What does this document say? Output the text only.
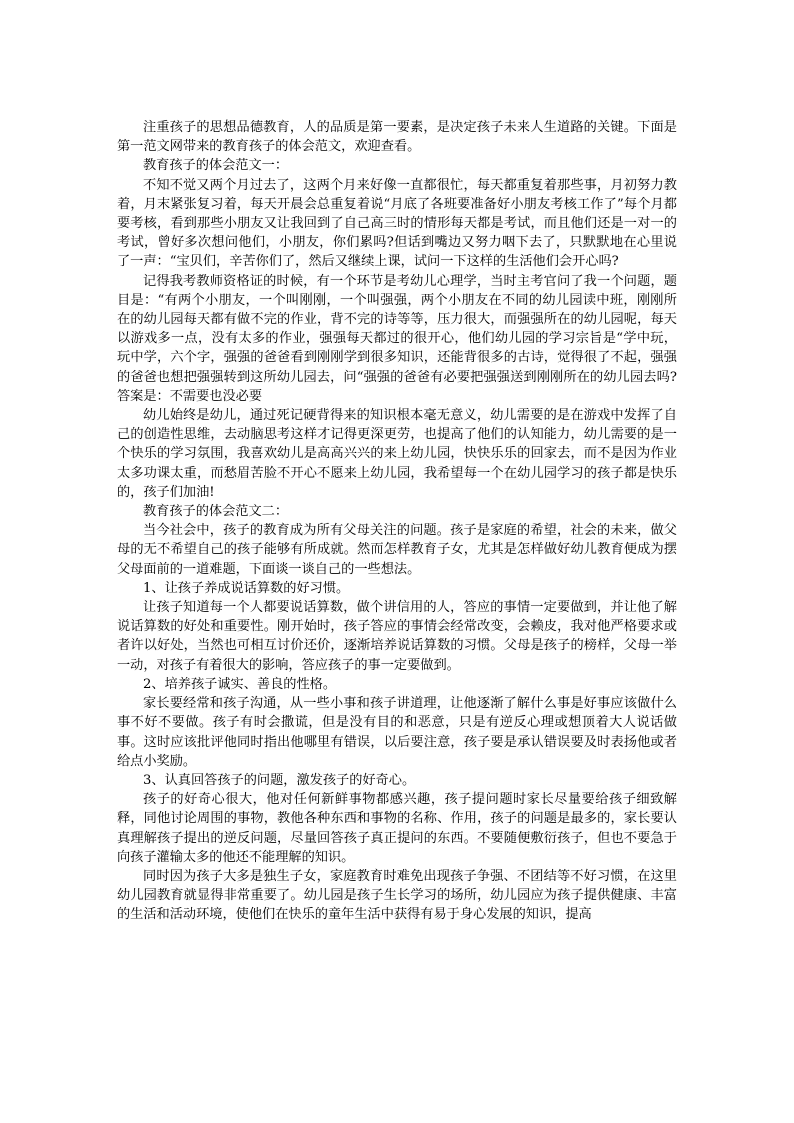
注重孩子的思想品德教育，人的品质是第一要素，是决定孩子未来人生道路的关键。下面是第一范文网带来的教育孩子的体会范文，欢迎查看。

教育孩子的体会范文一：

不知不觉又两个月过去了，这两个月来好像一直都很忙，每天都重复着那些事，月初努力教着，月末紧张复习着，每天开晨会总重复着说“月底了各班要准备好小朋友考核工作了”每个月都要考核，看到那些小朋友又让我回到了自己高三时的情形每天都是考试，而且他们还是一对一的考试，曾好多次想问他们，小朋友，你们累吗?但话到嘴边又努力咽下去了，只默默地在心里说了一声：“宝贝们，辛苦你们了，然后又继续上课，试问一下这样的生活他们会开心吗?

记得我考教师资格证的时候，有一个环节是考幼儿心理学，当时主考官问了我一个问题，题目是：“有两个小朋友，一个叫刚刚，一个叫强强，两个小朋友在不同的幼儿园读中班，刚刚所在的幼儿园每天都有做不完的作业，背不完的诗等等，压力很大，而强强所在的幼儿园呢，每天以游戏多一点，没有太多的作业，强强每天都过的很开心，他们幼儿园的学习宗旨是“学中玩，玩中学，六个字，强强的爸爸看到刚刚学到很多知识，还能背很多的古诗，觉得很了不起，强强的爸爸也想把强强转到这所幼儿园去，问“强强的爸爸有必要把强强送到刚刚所在的幼儿园去吗?答案是：不需要也没必要

幼儿始终是幼儿，通过死记硬背得来的知识根本毫无意义，幼儿需要的是在游戏中发挥了自己的创造性思维，去动脑思考这样才记得更深更劳，也提高了他们的认知能力，幼儿需要的是一个快乐的学习氛围，我喜欢幼儿是高高兴兴的来上幼儿园，快快乐乐的回家去，而不是因为作业太多功课太重，而愁眉苦脸不开心不愿来上幼儿园，我希望每一个在幼儿园学习的孩子都是快乐的，孩子们加油!

教育孩子的体会范文二：

当今社会中，孩子的教育成为所有父母关注的问题。孩子是家庭的希望，社会的未来，做父母的无不希望自己的孩子能够有所成就。然而怎样教育子女，尤其是怎样做好幼儿教育便成为摆父母面前的一道难题，下面谈一谈自己的一些想法。

1、让孩子养成说话算数的好习惯。

让孩子知道每一个人都要说话算数，做个讲信用的人，答应的事情一定要做到，并让他了解说话算数的好处和重要性。刚开始时，孩子答应的事情会经常改变，会赖皮，我对他严格要求或者许以好处，当然也可相互讨价还价，逐渐培养说话算数的习惯。父母是孩子的榜样，父母一举一动，对孩子有着很大的影响，答应孩子的事一定要做到。

2、培养孩子诚实、善良的性格。

家长要经常和孩子沟通，从一些小事和孩子讲道理，让他逐渐了解什么事是好事应该做什么事不好不要做。孩子有时会撒谎，但是没有目的和恶意，只是有逆反心理或想顶着大人说话做事。这时应该批评他同时指出他哪里有错误，以后要注意，孩子要是承认错误要及时表扬他或者给点小奖励。

3、认真回答孩子的问题，激发孩子的好奇心。

孩子的好奇心很大，他对任何新鲜事物都感兴趣，孩子提问题时家长尽量要给孩子细致解释，同他讨论周围的事物，教他各种东西和事物的名称、作用，孩子的问题是最多的，家长要认真理解孩子提出的逆反问题，尽量回答孩子真正提问的东西。不要随便敷衍孩子，但也不要急于向孩子灌输太多的他还不能理解的知识。

同时因为孩子大多是独生子女，家庭教育时难免出现孩子争强、不团结等不好习惯，在这里幼儿园教育就显得非常重要了。幼儿园是孩子生长学习的场所，幼儿园应为孩子提供健康、丰富的生活和活动环境，使他们在快乐的童年生活中获得有易于身心发展的知识，提高
